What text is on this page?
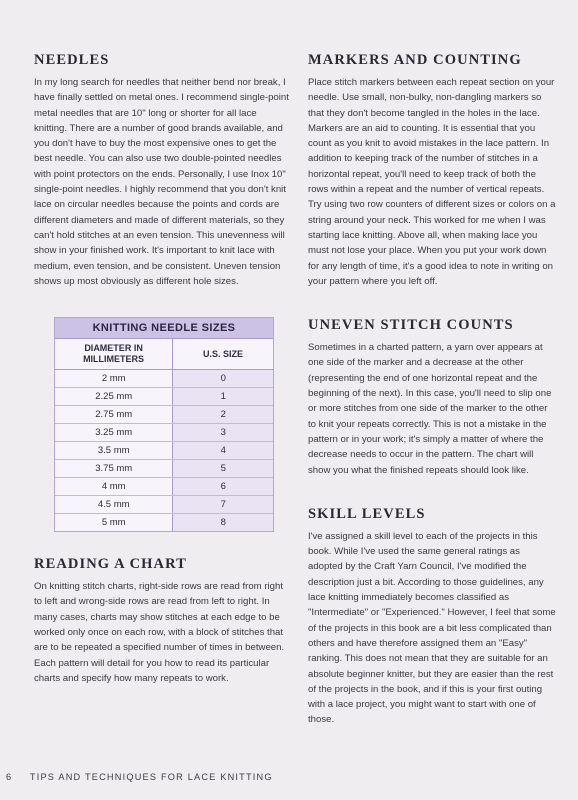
NEEDLES

In my long search for needles that neither bend nor break, I have finally settled on metal ones. I recommend single-point metal needles that are 10" long or shorter for all lace knitting. There are a number of good brands available, and you don't have to buy the most expensive ones to get the best needle. You can also use two double-pointed needles with point protectors on the ends. Personally, I use Inox 10" single-point needles. I highly recommend that you don't knit lace on circular needles because the points and cords are different diameters and made of different materials, so they can't hold stitches at an even tension. This unevenness will show in your finished work. It's important to knit lace with medium, even tension, and be consistent. Uneven tension shows up most obviously as different hole sizes.

KNITTING NEEDLE SIZES
DIAMETER IN MILLIMETERS
U.S. SIZE
2 mm	0
2.25 mm	1
2.75 mm	2
3.25 mm	3
3.5 mm	4
3.75 mm	5
4 mm	6
4.5 mm	7
5 mm	8
READING A CHART

On knitting stitch charts, right-side rows are read from right to left and wrong-side rows are read from left to right. In many cases, charts may show stitches at each edge to be worked only once on each row, with a block of stitches that are to be repeated a specified number of times in between. Each pattern will detail for you how to read its particular charts and specify how many repeats to work.

MARKERS AND COUNTING

Place stitch markers between each repeat section on your needle. Use small, non-bulky, non-dangling markers so that they don't become tangled in the holes in the lace. Markers are an aid to counting. It is essential that you count as you knit to avoid mistakes in the lace pattern. In addition to keeping track of the number of stitches in a horizontal repeat, you'll need to keep track of both the rows within a repeat and the number of vertical repeats. Try using two row counters of different sizes or colors on a string around your neck. This worked for me when I was starting lace knitting. Above all, when making lace you must not lose your place. When you put your work down for any length of time, it's a good idea to note in writing on your pattern where you left off.

UNEVEN STITCH COUNTS

Sometimes in a charted pattern, a yarn over appears at one side of the marker and a decrease at the other (representing the end of one horizontal repeat and the beginning of the next). In this case, you'll need to slip one or more stitches from one side of the marker to the other to knit your repeats correctly. This is not a mistake in the pattern or in your work; it's simply a matter of where the decrease needs to occur in the pattern. The chart will show you what the finished repeats should look like.

SKILL LEVELS

I've assigned a skill level to each of the projects in this book. While I've used the same general ratings as adopted by the Craft Yarn Council, I've modified the description just a bit. According to those guidelines, any lace knitting immediately becomes classified as "Intermediate" or "Experienced." However, I feel that some of the projects in this book are a bit less complicated than others and have therefore assigned them an "Easy" ranking. This does not mean that they are suitable for an absolute beginner knitter, but they are easier than the rest of the projects in the book, and if this is your first outing with a lace project, you might want to start with one of those.

6 TIPS AND TECHNIQUES FOR LACE KNITTING
